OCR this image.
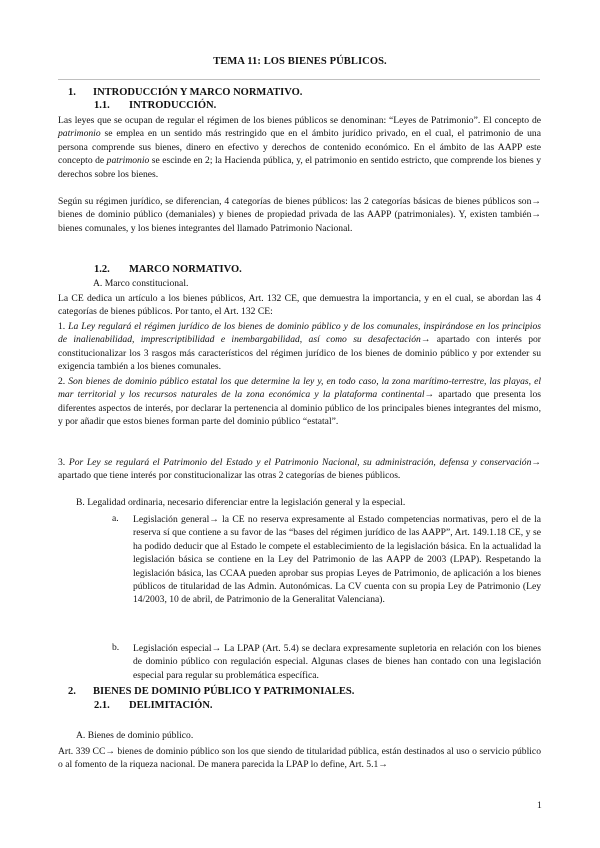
TEMA 11: LOS BIENES PÚBLICOS.
1. INTRODUCCIÓN Y MARCO NORMATIVO.
1.1. INTRODUCCIÓN.
Las leyes que se ocupan de regular el régimen de los bienes públicos se denominan: “Leyes de Patrimonio”. El concepto de patrimonio se emplea en un sentido más restringido que en el ámbito jurídico privado, en el cual, el patrimonio de una persona comprende sus bienes, dinero en efectivo y derechos de contenido económico. En el ámbito de las AAPP este concepto de patrimonio se escinde en 2; la Hacienda pública, y, el patrimonio en sentido estricto, que comprende los bienes y derechos sobre los bienes.
Según su régimen jurídico, se diferencian, 4 categorías de bienes públicos: las 2 categorías básicas de bienes públicos son→ bienes de dominio público (demaniales) y bienes de propiedad privada de las AAPP (patrimoniales). Y, existen también→ bienes comunales, y los bienes integrantes del llamado Patrimonio Nacional.
1.2. MARCO NORMATIVO.
A. Marco constitucional.
La CE dedica un artículo a los bienes públicos, Art. 132 CE, que demuestra la importancia, y en el cual, se abordan las 4 categorías de bienes públicos. Por tanto, el Art. 132 CE:
1. La Ley regulará el régimen jurídico de los bienes de dominio público y de los comunales, inspirándose en los principios de inalienabilidad, imprescriptibilidad e inembargabilidad, así como su desafectación→ apartado con interés por constitucionalizar los 3 rasgos más característicos del régimen jurídico de los bienes de dominio público y por extender su exigencia también a los bienes comunales.
2. Son bienes de dominio público estatal los que determine la ley y, en todo caso, la zona marítimo-terrestre, las playas, el mar territorial y los recursos naturales de la zona económica y la plataforma continental→ apartado que presenta los diferentes aspectos de interés, por declarar la pertenencia al dominio público de los principales bienes integrantes del mismo, y por añadir que estos bienes forman parte del dominio público “estatal”.
3. Por Ley se regulará el Patrimonio del Estado y el Patrimonio Nacional, su administración, defensa y conservación→ apartado que tiene interés por constitucionalizar las otras 2 categorías de bienes públicos.
B. Legalidad ordinaria, necesario diferenciar entre la legislación general y la especial.
a. Legislación general→ la CE no reserva expresamente al Estado competencias normativas, pero el de la reserva sí que contiene a su favor de las “bases del régimen jurídico de las AAPP”, Art. 149.1.18 CE, y se ha podido deducir que al Estado le compete el establecimiento de la legislación básica. En la actualidad la legislación básica se contiene en la Ley del Patrimonio de las AAPP de 2003 (LPAP). Respetando la legislación básica, las CCAA pueden aprobar sus propias Leyes de Patrimonio, de aplicación a los bienes públicos de titularidad de las Admin. Autonómicas. La CV cuenta con su propia Ley de Patrimonio (Ley 14/2003, 10 de abril, de Patrimonio de la Generalitat Valenciana).
b. Legislación especial→ La LPAP (Art. 5.4) se declara expresamente supletoria en relación con los bienes de dominio público con regulación especial. Algunas clases de bienes han contado con una legislación especial para regular su problemática específica.
2. BIENES DE DOMINIO PÚBLICO Y PATRIMONIALES.
2.1. DELIMITACIÓN.
A. Bienes de dominio público.
Art. 339 CC→ bienes de dominio público son los que siendo de titularidad pública, están destinados al uso o servicio público o al fomento de la riqueza nacional. De manera parecida la LPAP lo define, Art. 5.1→
1
